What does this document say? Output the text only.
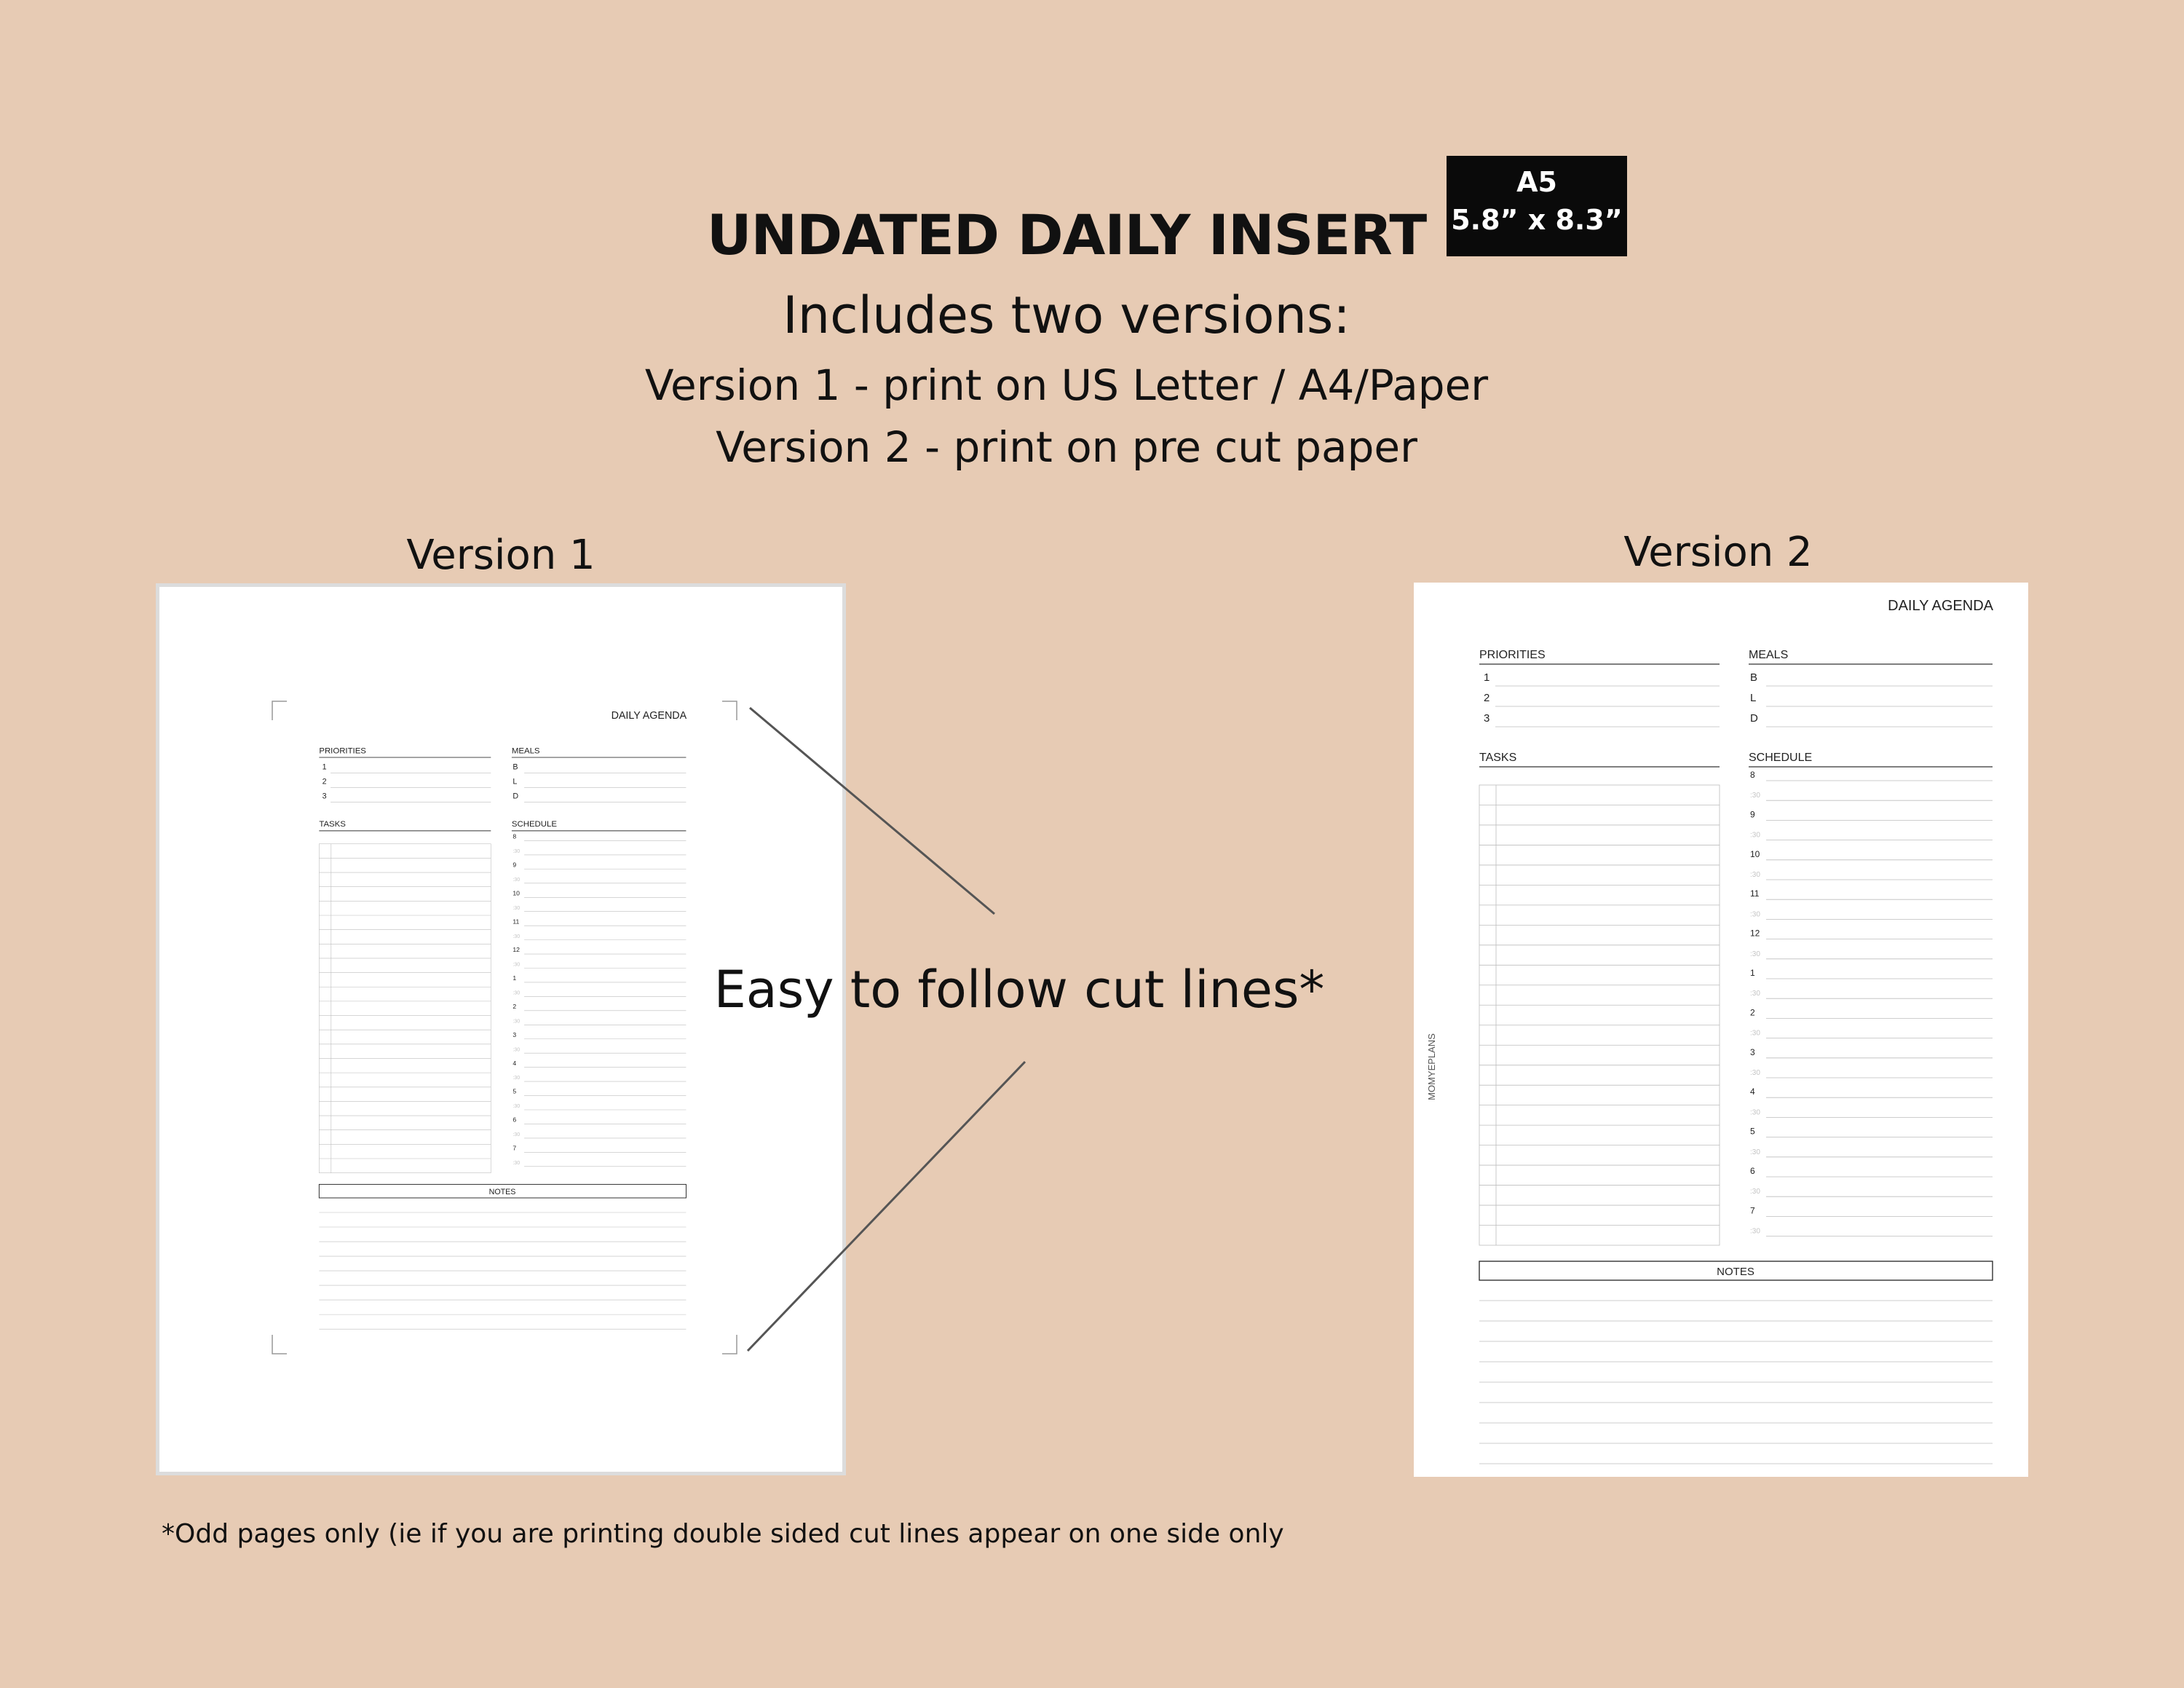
UNDATED DAILY INSERT
A5
5.8” x 8.3”
Includes two versions:
Version 1 - print on US Letter / A4/Paper
Version 2 - print on pre cut paper
Version 1	Version 2
DAILY AGENDA
PRIORITIES
1
2
3
MEALS
B
L
D
TASKS	SCHEDULE
8
:30
9
:30
10
:30
11
:30
12
:30
1
:30
2
:30
3
:30
4
:30
5
:30
6
:30
7
:30
NOTES
DAILY AGENDA
PRIORITIES
1
2
3
MEALS
B
L
D
TASKS	SCHEDULE
8
:30
9
:30
10
:30
11
:30
12
:30
1
:30
2
:30
3
:30
4
:30
5
:30
6
:30
7
:30
NOTES
MOMYEPLANS
Easy to follow cut lines*
*Odd pages only (ie if you are printing double sided cut lines appear on one side only
